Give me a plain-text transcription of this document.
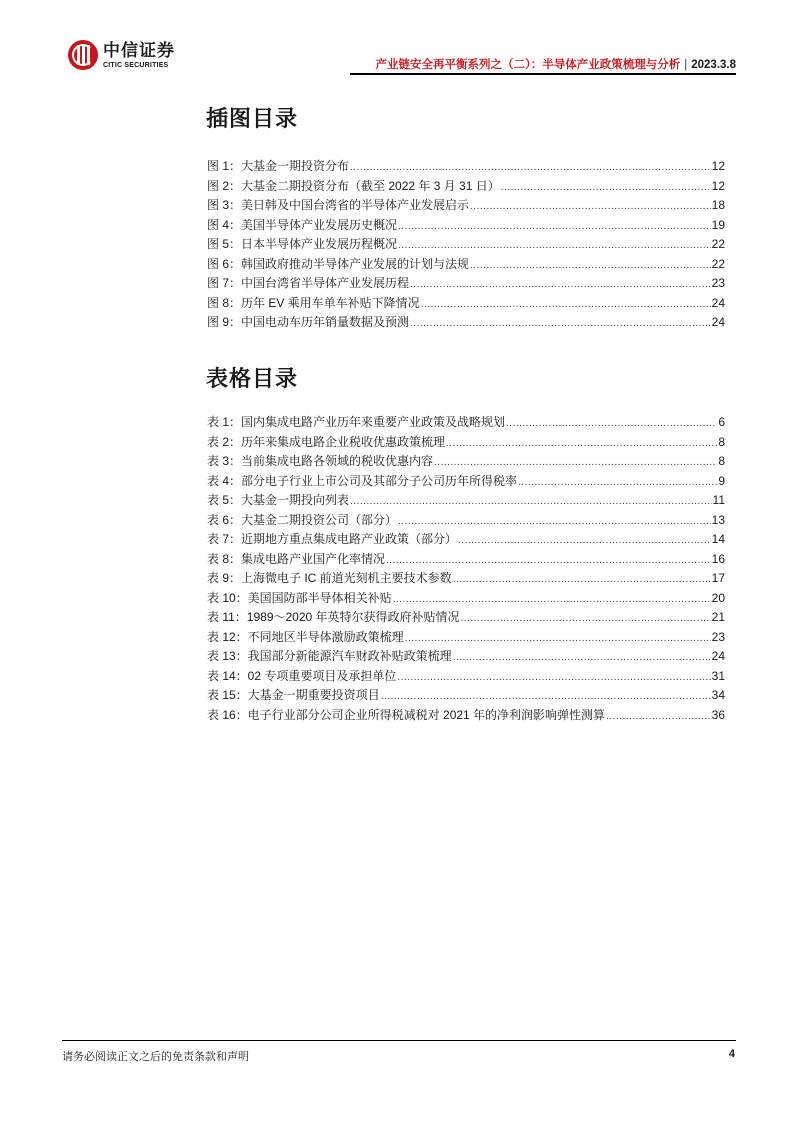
中信证券
CITIC SECURITIES	产业链安全再平衡系列之（二）：半导体产业政策梳理与分析 | 2023.3.8
插图目录
图 1：大基金一期投资分布 .....	12
图 2：大基金二期投资分布（截至 2022 年 3 月 31 日） .....	12
图 3：美日韩及中国台湾省的半导体产业发展启示 .....	18
图 4：美国半导体产业发展历史概况 .....	19
图 5：日本半导体产业发展历程概况 .....	22
图 6：韩国政府推动半导体产业发展的计划与法规 .....	22
图 7：中国台湾省半导体产业发展历程 .....	23
图 8：历年 EV 乘用车单车补贴下降情况 .....	24
图 9：中国电动车历年销量数据及预测 .....	24
表格目录
表 1：国内集成电路产业历年来重要产业政策及战略规划 .....	6
表 2：历年来集成电路企业税收优惠政策梳理 .....	8
表 3：当前集成电路各领域的税收优惠内容 .....	8
表 4：部分电子行业上市公司及其部分子公司历年所得税率 .....	9
表 5：大基金一期投向列表 .....	11
表 6：大基金二期投资公司（部分） .....	13
表 7：近期地方重点集成电路产业政策（部分） .....	14
表 8：集成电路产业国产化率情况 .....	16
表 9：上海微电子 IC 前道光刻机主要技术参数 .....	17
表 10：美国国防部半导体相关补贴 .....	20
表 11：1989～2020 年英特尔获得政府补贴情况 .....	21
表 12：不同地区半导体激励政策梳理 .....	23
表 13：我国部分新能源汽车财政补贴政策梳理 .....	24
表 14：02 专项重要项目及承担单位 .....	31
表 15：大基金一期重要投资项目 .....	34
表 16：电子行业部分公司企业所得税减税对 2021 年的净利润影响弹性测算 .....	36
请务必阅读正文之后的免责条款和声明	4
